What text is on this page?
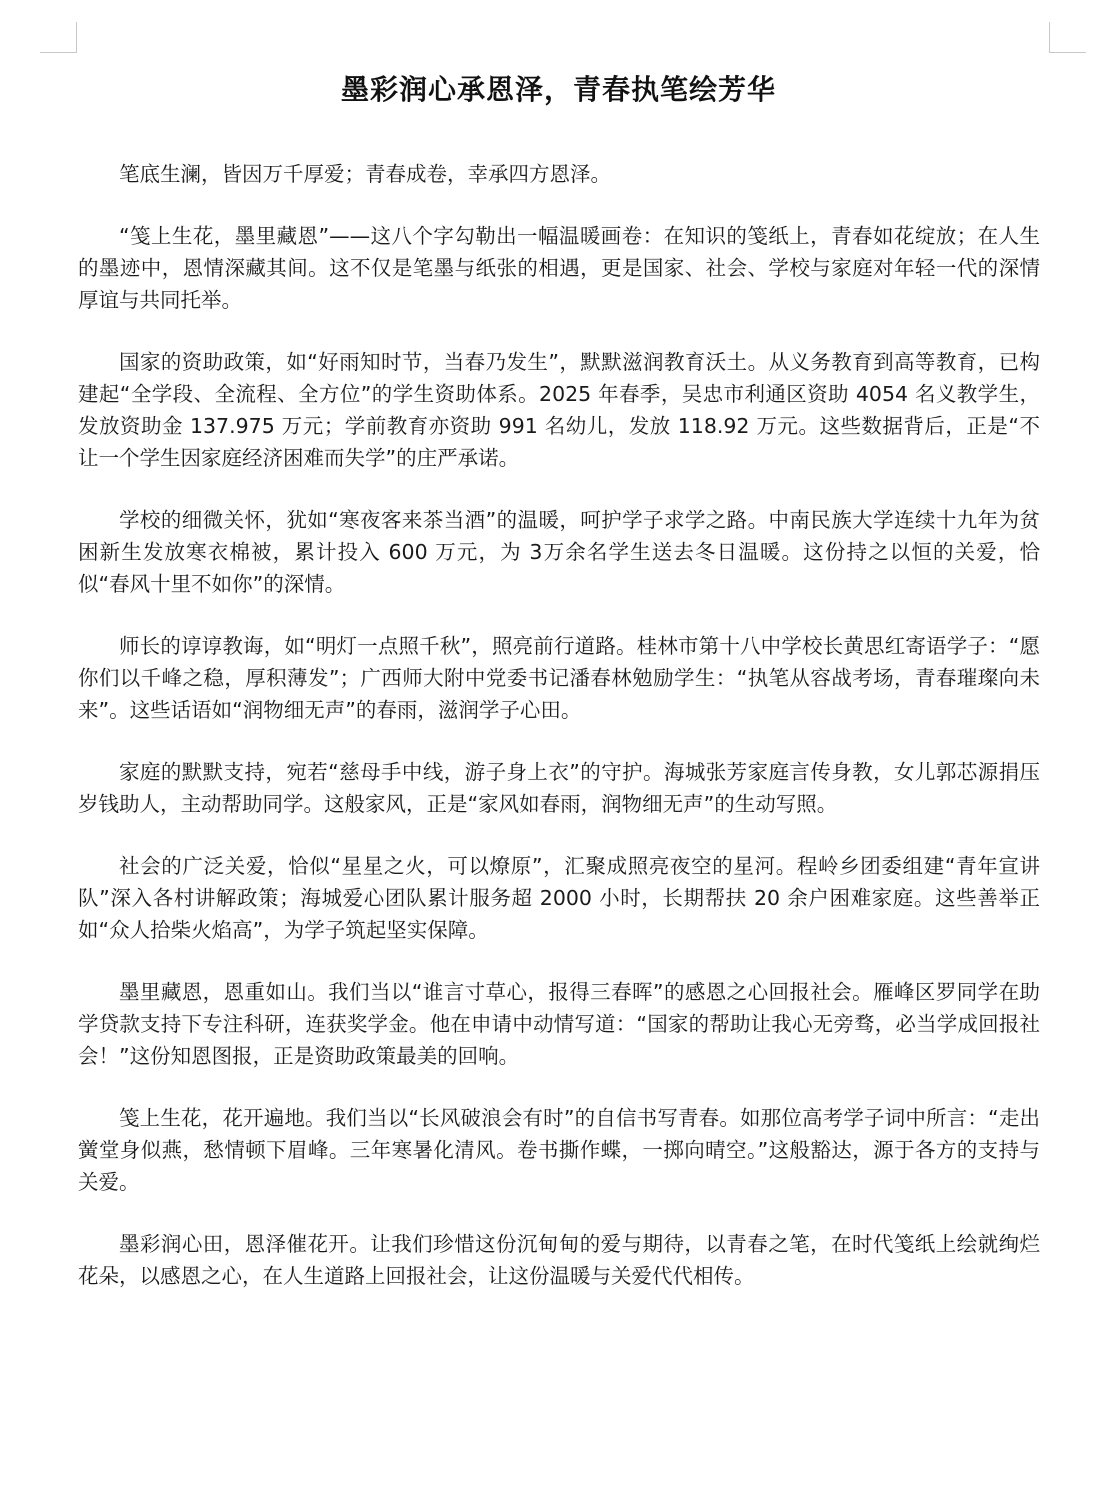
墨彩润心承恩泽，青春执笔绘芳华

笔底生澜，皆因万千厚爱；青春成卷，幸承四方恩泽。

“笺上生花，墨里藏恩”——这八个字勾勒出一幅温暖画卷：在知识的笺纸上，青春如花绽放；在人生的墨迹中，恩情深藏其间。这不仅是笔墨与纸张的相遇，更是国家、社会、学校与家庭对年轻一代的深情厚谊与共同托举。

国家的资助政策，如“好雨知时节，当春乃发生”，默默滋润教育沃土。从义务教育到高等教育，已构建起“全学段、全流程、全方位”的学生资助体系。2025 年春季，吴忠市利通区资助 4054 名义教学生，发放资助金 137.975 万元；学前教育亦资助 991 名幼儿，发放 118.92 万元。这些数据背后，正是“不让一个学生因家庭经济困难而失学”的庄严承诺。

学校的细微关怀，犹如“寒夜客来茶当酒”的温暖，呵护学子求学之路。中南民族大学连续十九年为贫困新生发放寒衣棉被，累计投入 600 万元，为 3万余名学生送去冬日温暖。这份持之以恒的关爱，恰似“春风十里不如你”的深情。

师长的谆谆教诲，如“明灯一点照千秋”，照亮前行道路。桂林市第十八中学校长黄思红寄语学子：“愿你们以千峰之稳，厚积薄发”；广西师大附中党委书记潘春林勉励学生：“执笔从容战考场，青春璀璨向未来”。这些话语如“润物细无声”的春雨，滋润学子心田。

家庭的默默支持，宛若“慈母手中线，游子身上衣”的守护。海城张芳家庭言传身教，女儿郭芯源捐压岁钱助人，主动帮助同学。这般家风，正是“家风如春雨，润物细无声”的生动写照。

社会的广泛关爱，恰似“星星之火，可以燎原”，汇聚成照亮夜空的星河。程岭乡团委组建“青年宣讲队”深入各村讲解政策；海城爱心团队累计服务超 2000 小时，长期帮扶 20 余户困难家庭。这些善举正如“众人拾柴火焰高”，为学子筑起坚实保障。

墨里藏恩，恩重如山。我们当以“谁言寸草心，报得三春晖”的感恩之心回报社会。雁峰区罗同学在助学贷款支持下专注科研，连获奖学金。他在申请中动情写道：“国家的帮助让我心无旁骛，必当学成回报社会！”这份知恩图报，正是资助政策最美的回响。

笺上生花，花开遍地。我们当以“长风破浪会有时”的自信书写青春。如那位高考学子词中所言：“走出黉堂身似燕，愁情顿下眉峰。三年寒暑化清风。卷书撕作蝶，一掷向晴空。”这般豁达，源于各方的支持与关爱。

墨彩润心田，恩泽催花开。让我们珍惜这份沉甸甸的爱与期待，以青春之笔，在时代笺纸上绘就绚烂花朵，以感恩之心，在人生道路上回报社会，让这份温暖与关爱代代相传。
